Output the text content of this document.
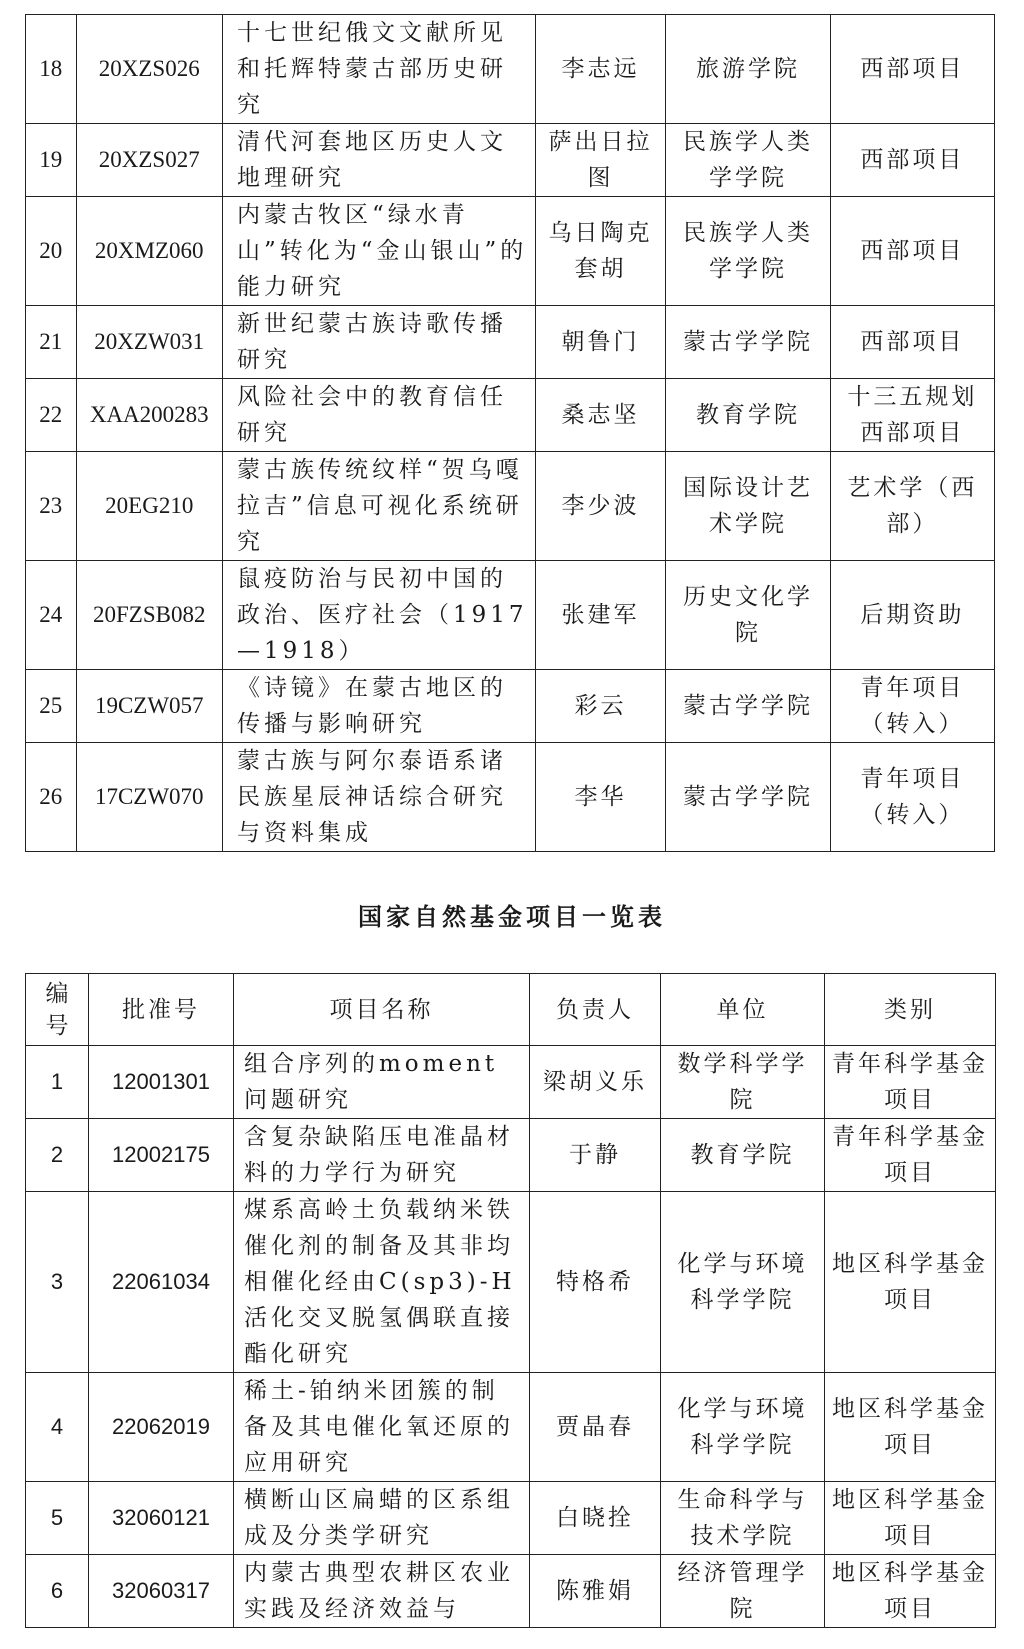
18	20XZS026	十七世纪俄文文献所见和托辉特蒙古部历史研究	李志远	旅游学院	西部项目
19	20XZS027	清代河套地区历史人文地理研究	萨出日拉图	民族学人类学学院	西部项目
20	20XMZ060	内蒙古牧区“绿水青山”转化为“金山银山”的能力研究	乌日陶克套胡	民族学人类学学院	西部项目
21	20XZW031	新世纪蒙古族诗歌传播研究	朝鲁门	蒙古学学院	西部项目
22	XAA200283	风险社会中的教育信任研究	桑志坚	教育学院	十三五规划西部项目
23	20EG210	蒙古族传统纹样“贺乌嘎拉吉”信息可视化系统研究	李少波	国际设计艺术学院	艺术学（西部）
24	20FZSB082	鼠疫防治与民初中国的政治、医疗社会（1917—1918）	张建军	历史文化学院	后期资助
25	19CZW057	《诗镜》在蒙古地区的传播与影响研究	彩云	蒙古学学院	青年项目（转入）
26	17CZW070	蒙古族与阿尔泰语系诸民族星辰神话综合研究与资料集成	李华	蒙古学学院	青年项目（转入）
国家自然基金项目一览表
编号	批准号	项目名称	负责人	单位	类别
1	12001301	组合序列的moment问题研究	梁胡义乐	数学科学学院	青年科学基金项目
2	12002175	含复杂缺陷压电准晶材料的力学行为研究	于静	教育学院	青年科学基金项目
3	22061034	煤系高岭土负载纳米铁催化剂的制备及其非均相催化经由C(sp3)-H活化交叉脱氢偶联直接酯化研究	特格希	化学与环境科学学院	地区科学基金项目
4	22062019	稀土-铂纳米团簇的制备及其电催化氧还原的应用研究	贾晶春	化学与环境科学学院	地区科学基金项目
5	32060121	横断山区扁蜡的区系组成及分类学研究	白晓拴	生命科学与技术学院	地区科学基金项目
6	32060317	内蒙古典型农耕区农业实践及经济效益与	陈雅娟	经济管理学院	地区科学基金项目
